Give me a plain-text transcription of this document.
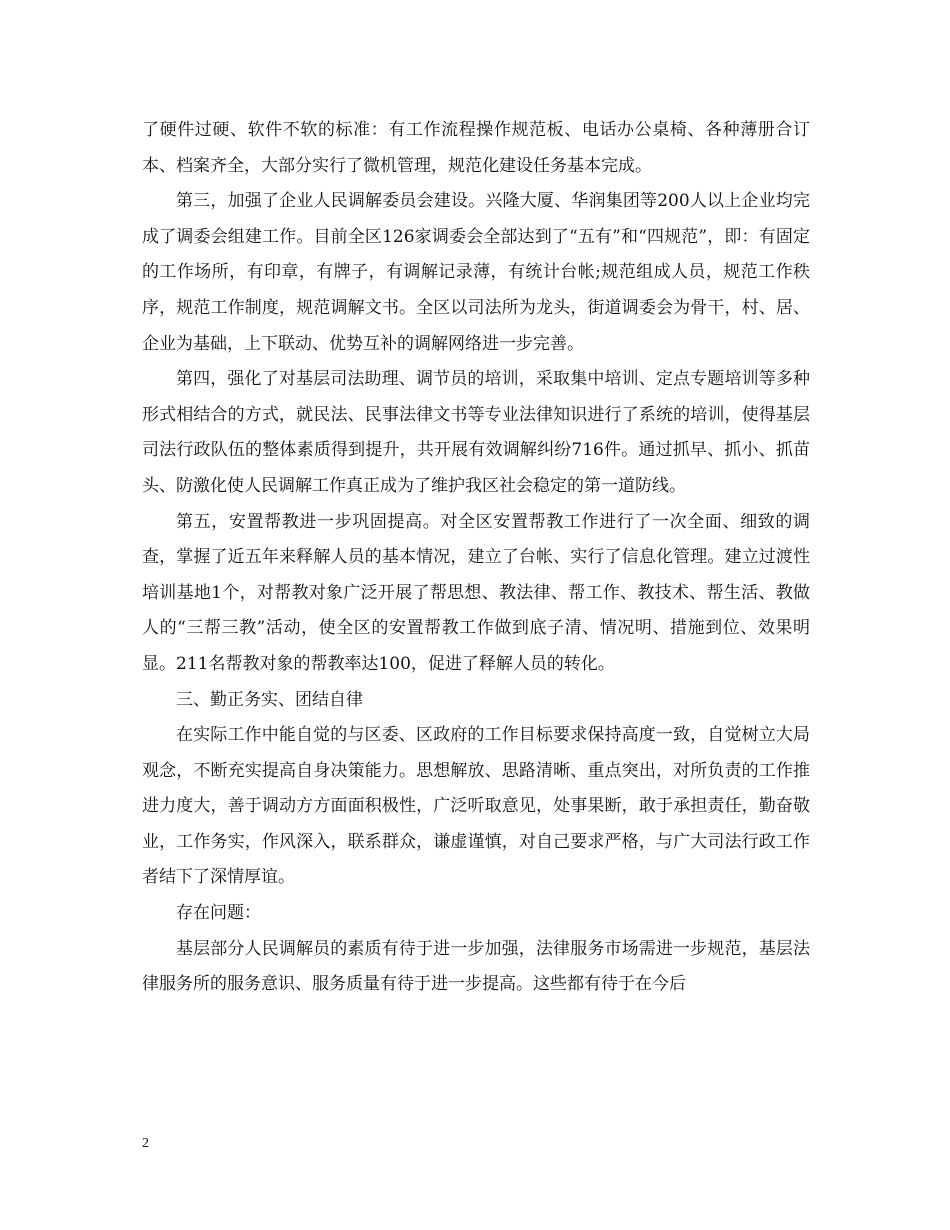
了硬件过硬、软件不软的标准：有工作流程操作规范板、电话办公桌椅、各种薄册合订本、档案齐全，大部分实行了微机管理，规范化建设任务基本完成。

第三，加强了企业人民调解委员会建设。兴隆大厦、华润集团等200人以上企业均完成了调委会组建工作。目前全区126家调委会全部达到了“五有”和“四规范”，即：有固定的工作场所，有印章，有牌子，有调解记录薄，有统计台帐;规范组成人员，规范工作秩序，规范工作制度，规范调解文书。全区以司法所为龙头，街道调委会为骨干，村、居、企业为基础，上下联动、优势互补的调解网络进一步完善。

第四，强化了对基层司法助理、调节员的培训，采取集中培训、定点专题培训等多种形式相结合的方式，就民法、民事法律文书等专业法律知识进行了系统的培训，使得基层司法行政队伍的整体素质得到提升，共开展有效调解纠纷716件。通过抓早、抓小、抓苗头、防激化使人民调解工作真正成为了维护我区社会稳定的第一道防线。

第五，安置帮教进一步巩固提高。对全区安置帮教工作进行了一次全面、细致的调查，掌握了近五年来释解人员的基本情况，建立了台帐、实行了信息化管理。建立过渡性培训基地1个，对帮教对象广泛开展了帮思想、教法律、帮工作、教技术、帮生活、教做人的“三帮三教”活动，使全区的安置帮教工作做到底子清、情况明、措施到位、效果明显。211名帮教对象的帮教率达100，促进了释解人员的转化。

三、勤正务实、团结自律

在实际工作中能自觉的与区委、区政府的工作目标要求保持高度一致，自觉树立大局观念，不断充实提高自身决策能力。思想解放、思路清晰、重点突出，对所负责的工作推进力度大，善于调动方方面面积极性，广泛听取意见，处事果断，敢于承担责任，勤奋敬业，工作务实，作风深入，联系群众，谦虚谨慎，对自己要求严格，与广大司法行政工作者结下了深情厚谊。

存在问题：

基层部分人民调解员的素质有待于进一步加强，法律服务市场需进一步规范，基层法律服务所的服务意识、服务质量有待于进一步提高。这些都有待于在今后

2
